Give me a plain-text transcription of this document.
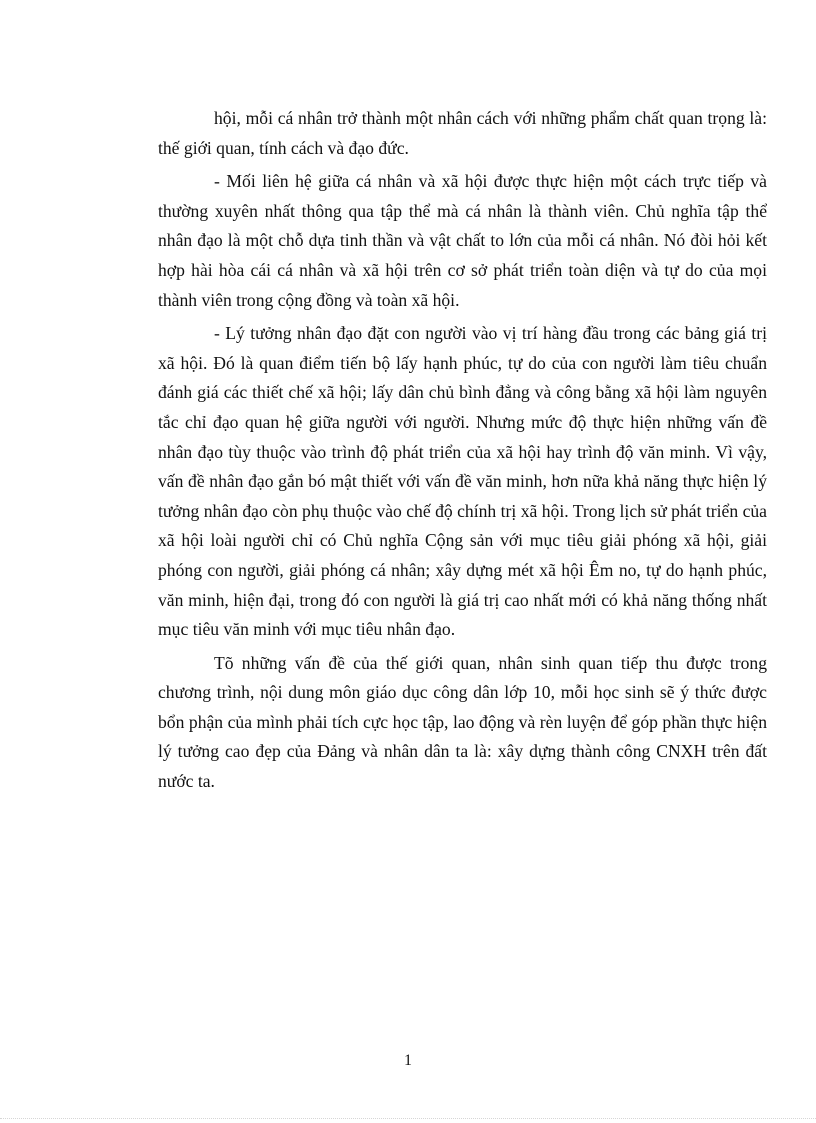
hội, mỗi cá nhân trở thành một nhân cách với những phẩm chất quan trọng là: thế giới quan, tính cách và đạo đức.

- Mối liên hệ giữa cá nhân và xã hội được thực hiện một cách trực tiếp và thường xuyên nhất thông qua tập thể mà cá nhân là thành viên. Chủ nghĩa tập thể nhân đạo là một chỗ dựa tinh thần và vật chất to lớn của mỗi cá nhân. Nó đòi hỏi kết hợp hài hòa cái cá nhân và xã hội trên cơ sở phát triển toàn diện và tự do của mọi thành viên trong cộng đồng và toàn xã hội.

- Lý tưởng nhân đạo đặt con người vào vị trí hàng đầu trong các bảng giá trị xã hội. Đó là quan điểm tiến bộ lấy hạnh phúc, tự do của con người làm tiêu chuẩn đánh giá các thiết chế xã hội; lấy dân chủ bình đẳng và công bằng xã hội làm nguyên tắc chỉ đạo quan hệ giữa người với người. Nhưng mức độ thực hiện những vấn đề nhân đạo tùy thuộc vào trình độ phát triển của xã hội hay trình độ văn minh. Vì vậy, vấn đề nhân đạo gắn bó mật thiết với vấn đề văn minh, hơn nữa khả năng thực hiện lý tưởng nhân đạo còn phụ thuộc vào chế độ chính trị xã hội. Trong lịch sử phát triển của xã hội loài người chỉ có Chủ nghĩa Cộng sản với mục tiêu giải phóng xã hội, giải phóng con người, giải phóng cá nhân; xây dựng mét xã hội Êm no, tự do hạnh phúc, văn minh, hiện đại, trong đó con người là giá trị cao nhất mới có khả năng thống nhất mục tiêu văn minh với mục tiêu nhân đạo.

Tõ những vấn đề của thế giới quan, nhân sinh quan tiếp thu được trong chương trình, nội dung môn giáo dục công dân lớp 10, mỗi học sinh sẽ ý thức được bổn phận của mình phải tích cực học tập, lao động và rèn luyện để góp phần thực hiện lý tưởng cao đẹp của Đảng và nhân dân ta là: xây dựng thành công CNXH trên đất nước ta.

1
